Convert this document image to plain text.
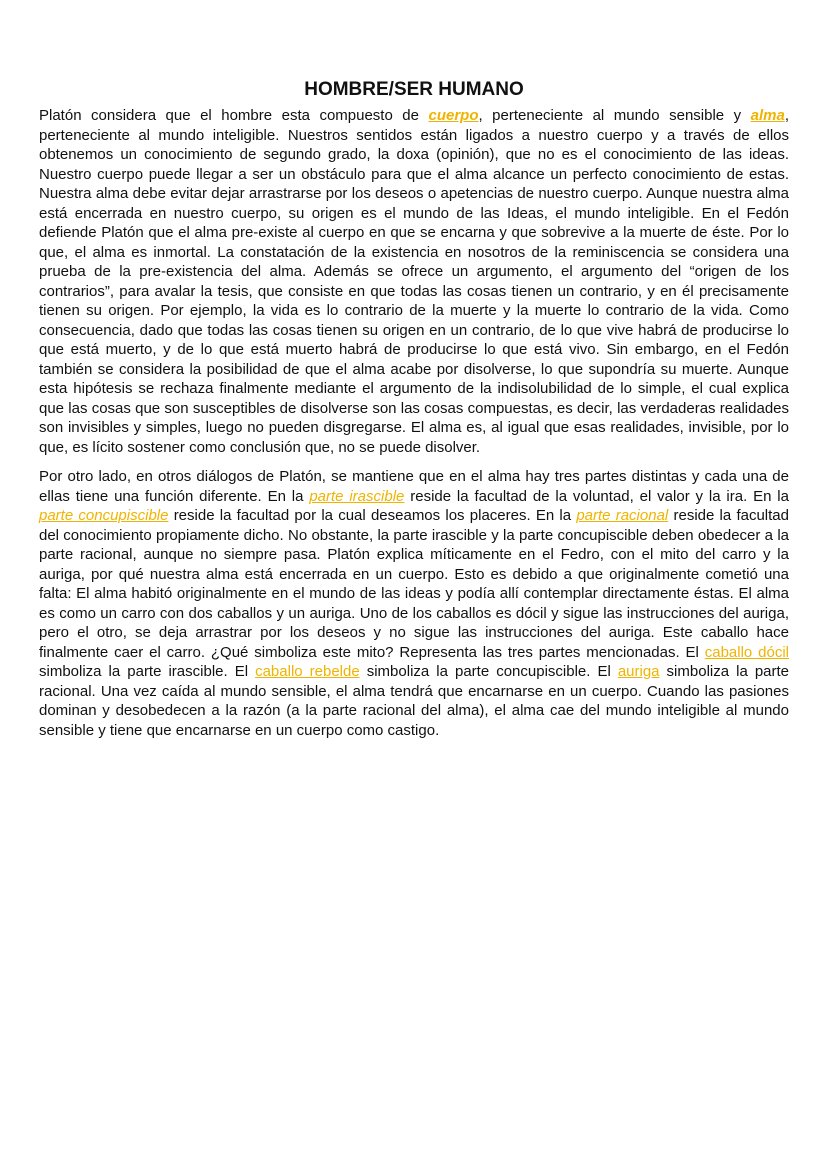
HOMBRE/SER HUMANO

Platón considera que el hombre esta compuesto de cuerpo, perteneciente al mundo sensible y alma, perteneciente al mundo inteligible. Nuestros sentidos están ligados a nuestro cuerpo y a través de ellos obtenemos un conocimiento de segundo grado, la doxa (opinión), que no es el conocimiento de las ideas. Nuestro cuerpo puede llegar a ser un obstáculo para que el alma alcance un perfecto conocimiento de estas. Nuestra alma debe evitar dejar arrastrarse por los deseos o apetencias de nuestro cuerpo. Aunque nuestra alma está encerrada en nuestro cuerpo, su origen es el mundo de las Ideas, el mundo inteligible. En el Fedón defiende Platón que el alma pre-existe al cuerpo en que se encarna y que sobrevive a la muerte de éste. Por lo que, el alma es inmortal. La constatación de la existencia en nosotros de la reminiscencia se considera una prueba de la pre-existencia del alma. Además se ofrece un argumento, el argumento del “origen de los contrarios”, para avalar la tesis, que consiste en que todas las cosas tienen un contrario, y en él precisamente tienen su origen. Por ejemplo, la vida es lo contrario de la muerte y la muerte lo contrario de la vida. Como consecuencia, dado que todas las cosas tienen su origen en un contrario, de lo que vive habrá de producirse lo que está muerto, y de lo que está muerto habrá de producirse lo que está vivo. Sin embargo, en el Fedón también se considera la posibilidad de que el alma acabe por disolverse, lo que supondría su muerte. Aunque esta hipótesis se rechaza finalmente mediante el argumento de la indisolubilidad de lo simple, el cual explica que las cosas que son susceptibles de disolverse son las cosas compuestas, es decir, las verdaderas realidades son invisibles y simples, luego no pueden disgregarse. El alma es, al igual que esas realidades, invisible, por lo que, es lícito sostener como conclusión que, no se puede disolver.

Por otro lado, en otros diálogos de Platón, se mantiene que en el alma hay tres partes distintas y cada una de ellas tiene una función diferente. En la parte irascible reside la facultad de la voluntad, el valor y la ira. En la parte concupiscible reside la facultad por la cual deseamos los placeres. En la parte racional reside la facultad del conocimiento propiamente dicho. No obstante, la parte irascible y la parte concupiscible deben obedecer a la parte racional, aunque no siempre pasa. Platón explica míticamente en el Fedro, con el mito del carro y la auriga, por qué nuestra alma está encerrada en un cuerpo. Esto es debido a que originalmente cometió una falta: El alma habitó originalmente en el mundo de las ideas y podía allí contemplar directamente éstas. El alma es como un carro con dos caballos y un auriga. Uno de los caballos es dócil y sigue las instrucciones del auriga, pero el otro, se deja arrastrar por los deseos y no sigue las instrucciones del auriga. Este caballo hace finalmente caer el carro. ¿Qué simboliza este mito? Representa las tres partes mencionadas. El caballo dócil simboliza la parte irascible. El caballo rebelde simboliza la parte concupiscible. El auriga simboliza la parte racional. Una vez caída al mundo sensible, el alma tendrá que encarnarse en un cuerpo. Cuando las pasiones dominan y desobedecen a la razón (a la parte racional del alma), el alma cae del mundo inteligible al mundo sensible y tiene que encarnarse en un cuerpo como castigo.
